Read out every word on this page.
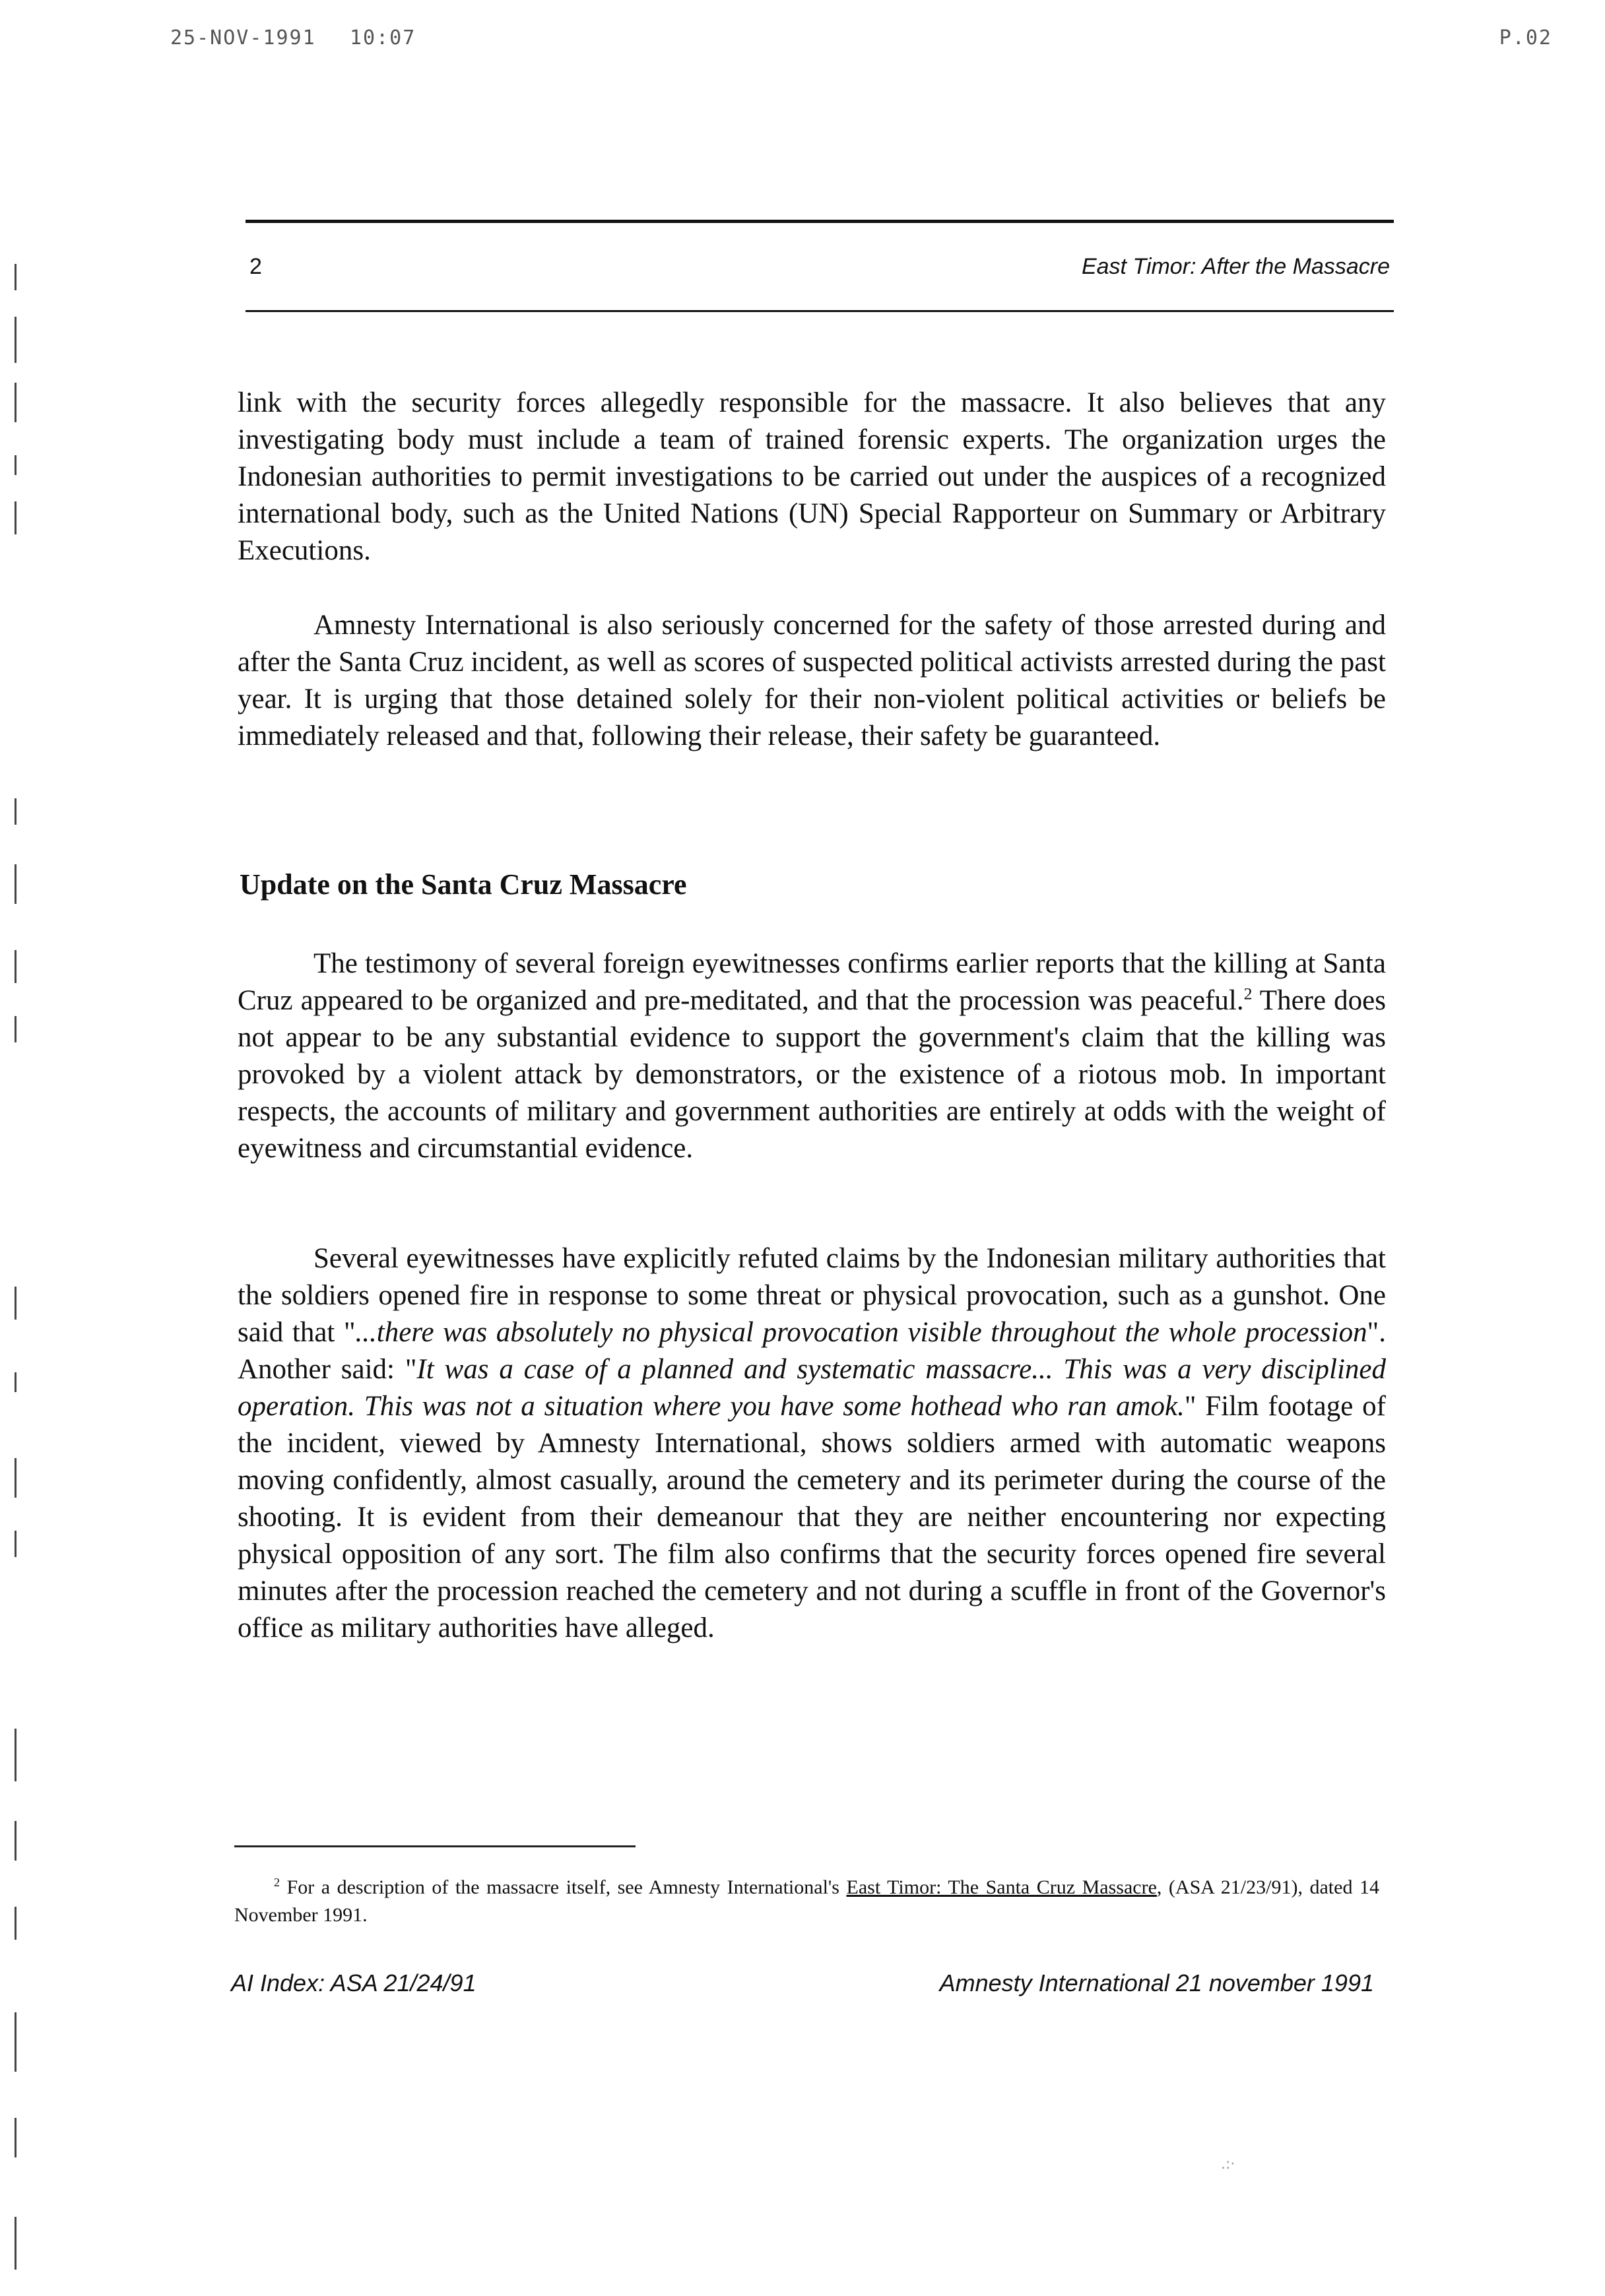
25-NOV-1991 10:07	P.02
2	East Timor: After the Massacre

link with the security forces allegedly responsible for the massacre. It also believes that any investigating body must include a team of trained forensic experts. The organization urges the Indonesian authorities to permit investigations to be carried out under the auspices of a recognized international body, such as the United Nations (UN) Special Rapporteur on Summary or Arbitrary Executions.

Amnesty International is also seriously concerned for the safety of those arrested during and after the Santa Cruz incident, as well as scores of suspected political activists arrested during the past year. It is urging that those detained solely for their non-violent political activities or beliefs be immediately released and that, following their release, their safety be guaranteed.

Update on the Santa Cruz Massacre

The testimony of several foreign eyewitnesses confirms earlier reports that the killing at Santa Cruz appeared to be organized and pre-meditated, and that the procession was peaceful.$^2$ There does not appear to be any substantial evidence to support the government's claim that the killing was provoked by a violent attack by demonstrators, or the existence of a riotous mob. In important respects, the accounts of military and government authorities are entirely at odds with the weight of eyewitness and circumstantial evidence.

Several eyewitnesses have explicitly refuted claims by the Indonesian military authorities that the soldiers opened fire in response to some threat or physical provocation, such as a gunshot. One said that "...there was absolutely no physical provocation visible throughout the whole procession". Another said: "It was a case of a planned and systematic massacre... This was a very disciplined operation. This was not a situation where you have some hothead who ran amok." Film footage of the incident, viewed by Amnesty International, shows soldiers armed with automatic weapons moving confidently, almost casually, around the cemetery and its perimeter during the course of the shooting. It is evident from their demeanour that they are neither encountering nor expecting physical opposition of any sort. The film also confirms that the security forces opened fire several minutes after the procession reached the cemetery and not during a scuffle in front of the Governor's office as military authorities have alleged.

$^2$ For a description of the massacre itself, see Amnesty International's East Timor: The Santa Cruz Massacre, (ASA 21/23/91), dated 14 November 1991.

AI Index: ASA 21/24/91	Amnesty International 21 november 1991
.:·
